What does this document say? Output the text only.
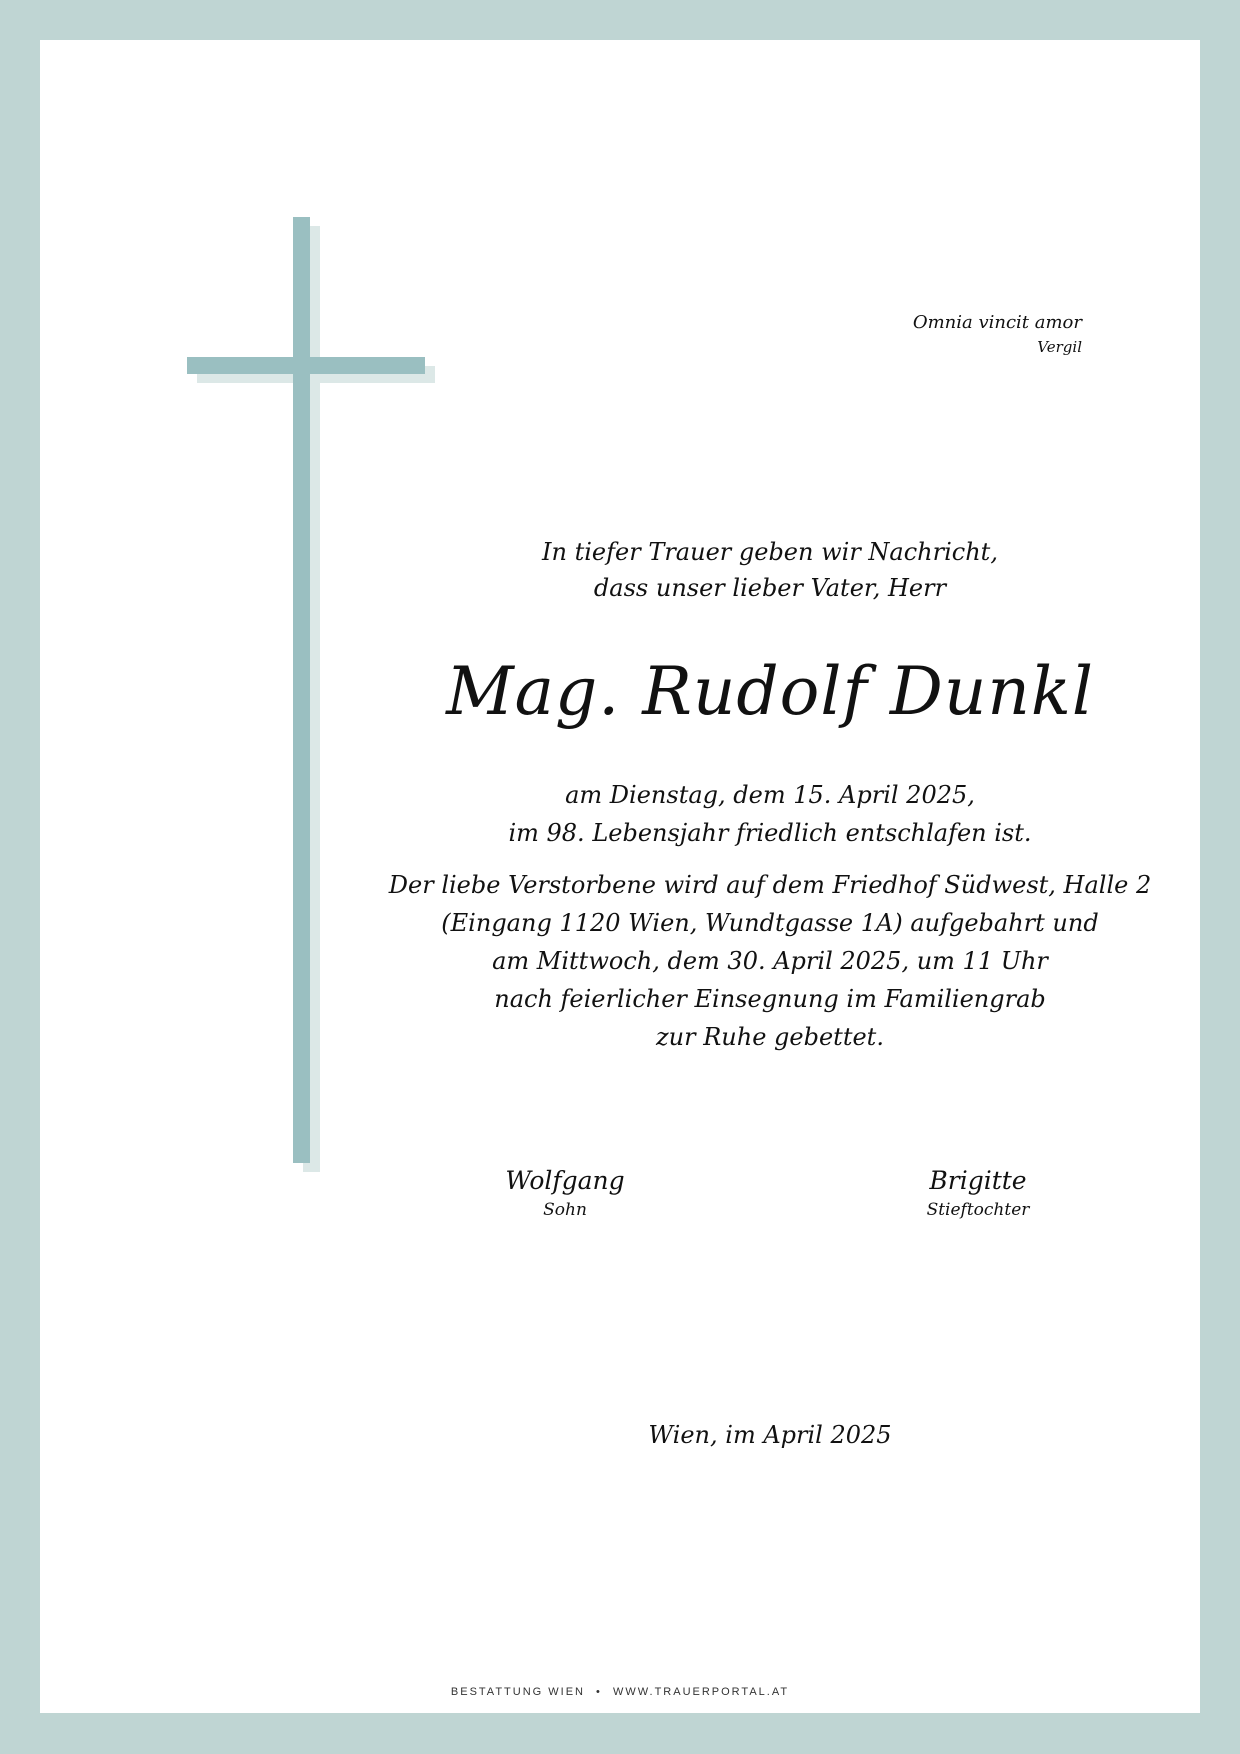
Omnia vincit amor
Vergil
In tiefer Trauer geben wir Nachricht,
dass unser lieber Vater, Herr
Mag. Rudolf Dunkl
am Dienstag, dem 15. April 2025,
im 98. Lebensjahr friedlich entschlafen ist.
Der liebe Verstorbene wird auf dem Friedhof Südwest, Halle 2
(Eingang 1120 Wien, Wundtgasse 1A) aufgebahrt und
am Mittwoch, dem 30. April 2025, um 11 Uhr
nach feierlicher Einsegnung im Familiengrab
zur Ruhe gebettet.
Wolfgang
Sohn
Brigitte
Stieftochter
Wien, im April 2025
BESTATTUNG WIEN • WWW.TRAUERPORTAL.AT
